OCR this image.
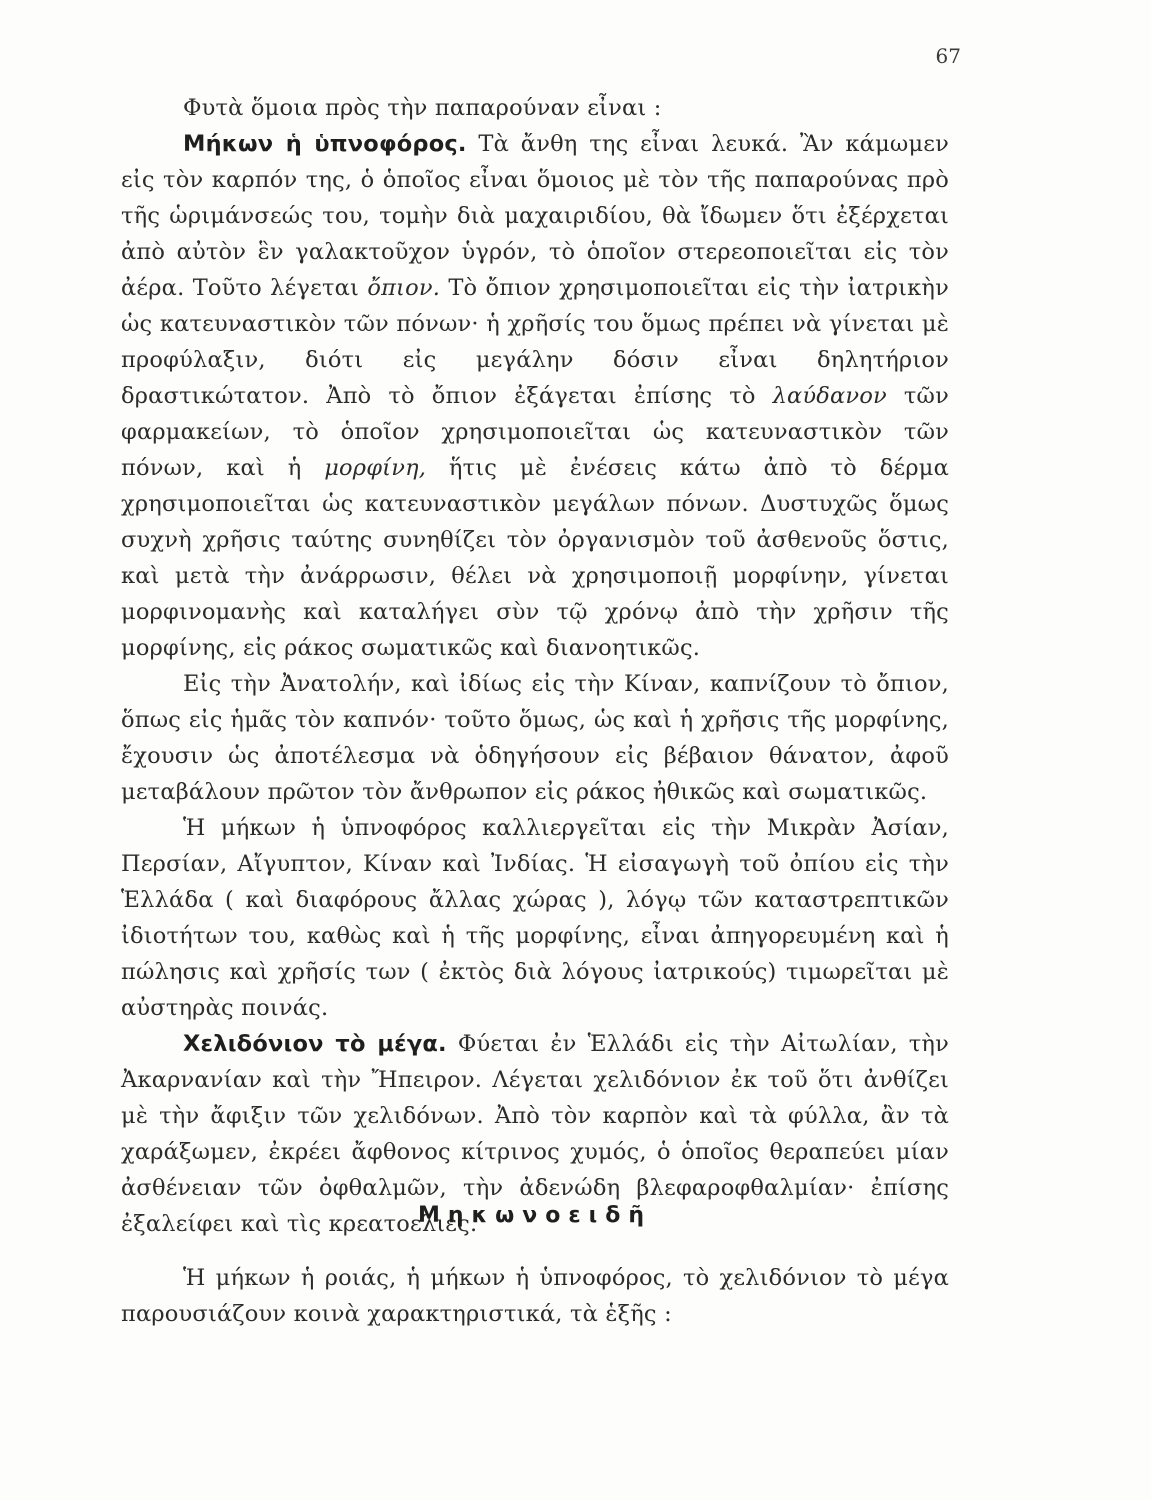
67

Φυτὰ ὅμοια πρὸς τὴν παπαρούναν εἶναι :

Μήκων ἡ ὑπνοφόρος. Τὰ ἄνθη της εἶναι λευκά. Ἂν κάμωμεν εἰς τὸν καρπόν της, ὁ ὁποῖος εἶναι ὅμοιος μὲ τὸν τῆς παπαρούνας πρὸ τῆς ὡριμάνσεώς του, τομὴν διὰ μαχαιριδίου, θὰ ἴδωμεν ὅτι ἐξέρχεται ἀπὸ αὐτὸν ἓν γαλακτοῦχον ὑγρόν, τὸ ὁποῖον στερεοποιεῖται εἰς τὸν ἀέρα. Τοῦτο λέγεται ὄπιον. Τὸ ὄπιον χρησιμοποιεῖται εἰς τὴν ἰατρικὴν ὡς κατευναστικὸν τῶν πόνων· ἡ χρῆσίς του ὅμως πρέπει νὰ γίνεται μὲ προφύλαξιν, διότι εἰς μεγάλην δόσιν εἶναι δηλητήριον δραστικώτατον. Ἀπὸ τὸ ὄπιον ἐξάγεται ἐπίσης τὸ λαύδανον τῶν φαρμακείων, τὸ ὁποῖον χρησιμοποιεῖται ὡς κατευναστικὸν τῶν πόνων, καὶ ἡ μορφίνη, ἥτις μὲ ἐνέσεις κάτω ἀπὸ τὸ δέρμα χρησιμοποιεῖται ὡς κατευναστικὸν μεγάλων πόνων. Δυστυχῶς ὅμως συχνὴ χρῆσις ταύτης συνηθίζει τὸν ὀργανισμὸν τοῦ ἀσθενοῦς ὅστις, καὶ μετὰ τὴν ἀνάρρωσιν, θέλει νὰ χρησιμοποιῇ μορφίνην, γίνεται μορφινομανὴς καὶ καταλήγει σὺν τῷ χρόνῳ ἀπὸ τὴν χρῆσιν τῆς μορφίνης, εἰς ράκος σωματικῶς καὶ διανοητικῶς.

Εἰς τὴν Ἀνατολήν, καὶ ἰδίως εἰς τὴν Κίναν, καπνίζουν τὸ ὄπιον, ὅπως εἰς ἡμᾶς τὸν καπνόν· τοῦτο ὅμως, ὡς καὶ ἡ χρῆσις τῆς μορφίνης, ἔχουσιν ὡς ἀποτέλεσμα νὰ ὁδηγήσουν εἰς βέβαιον θάνατον, ἀφοῦ μεταβάλουν πρῶτον τὸν ἄνθρωπον εἰς ράκος ἠθικῶς καὶ σωματικῶς.

Ἡ μήκων ἡ ὑπνοφόρος καλλιεργεῖται εἰς τὴν Μικρὰν Ἀσίαν, Περσίαν, Αἴγυπτον, Κίναν καὶ Ἰνδίας. Ἡ εἰσαγωγὴ τοῦ ὀπίου εἰς τὴν Ἑλλάδα ( καὶ διαφόρους ἄλλας χώρας ), λόγῳ τῶν καταστρεπτικῶν ἰδιοτήτων του, καθὼς καὶ ἡ τῆς μορφίνης, εἶναι ἀπηγορευμένη καὶ ἡ πώλησις καὶ χρῆσίς των ( ἐκτὸς διὰ λόγους ἰατρικούς) τιμωρεῖται μὲ αὐστηρὰς ποινάς.

Χελιδόνιον τὸ μέγα. Φύεται ἐν Ἑλλάδι εἰς τὴν Αἰτωλίαν, τὴν Ἀκαρνανίαν καὶ τὴν Ἤπειρον. Λέγεται χελιδόνιον ἐκ τοῦ ὅτι ἀνθίζει μὲ τὴν ἄφιξιν τῶν χελιδόνων. Ἀπὸ τὸν καρπὸν καὶ τὰ φύλλα, ἂν τὰ χαράξωμεν, ἐκρέει ἄφθονος κίτρινος χυμός, ὁ ὁποῖος θεραπεύει μίαν ἀσθένειαν τῶν ὀφθαλμῶν, τὴν ἀδενώδη βλεφαροφθαλμίαν· ἐπίσης ἐξαλείφει καὶ τὶς κρεατοελιές.

Μηκωνοειδῆ

Ἡ μήκων ἡ ροιάς, ἡ μήκων ἡ ὑπνοφόρος, τὸ χελιδόνιον τὸ μέγα παρουσιάζουν κοινὰ χαρακτηριστικά, τὰ ἑξῆς :
